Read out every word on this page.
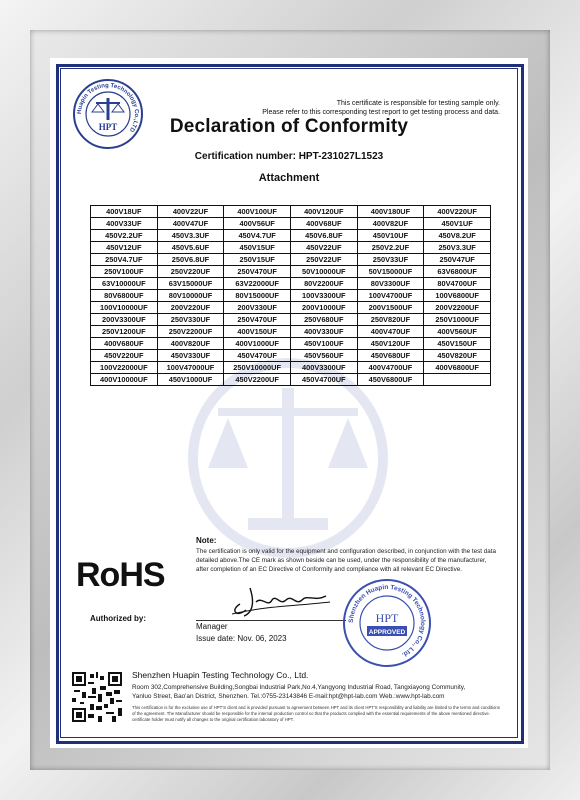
Huapin Testing Technology Co.,LTD
HPT
This certificate is responsible for testing sample only.
Please refer to this corresponding test report to get testing process and data.
Declaration of Conformity
Certification number: HPT-231027L1523
Attachment
400V18UF	400V22UF	400V100UF	400V120UF	400V180UF	400V220UF
400V33UF	400V47UF	400V56UF	400V68UF	400V82UF	450V1UF
450V2.2UF	450V3.3UF	450V4.7UF	450V6.8UF	450V10UF	450V8.2UF
450V12UF	450V5.6UF	450V15UF	450V22UF	250V2.2UF	250V3.3UF
250V4.7UF	250V6.8UF	250V15UF	250V22UF	250V33UF	250V47UF
250V100UF	250V220UF	250V470UF	50V10000UF	50V15000UF	63V6800UF
63V10000UF	63V15000UF	63V22000UF	80V2200UF	80V3300UF	80V4700UF
80V6800UF	80V10000UF	80V15000UF	100V3300UF	100V4700UF	100V6800UF
100V10000UF	200V220UF	200V330UF	200V1000UF	200V1500UF	200V2200UF
200V3300UF	250V330UF	250V470UF	250V680UF	250V820UF	250V1000UF
250V1200UF	250V2200UF	400V150UF	400V330UF	400V470UF	400V560UF
400V680UF	400V820UF	400V1000UF	450V100UF	450V120UF	450V150UF
450V220UF	450V330UF	450V470UF	450V560UF	450V680UF	450V820UF
100V22000UF	100V47000UF	250V10000UF	400V3300UF	400V4700UF	400V6800UF
400V10000UF	450V1000UF	450V2200UF	450V4700UF	450V6800UF	
RoHS
Note:
The certification is only valid for the equipment and configuration described, in conjunction with the test data detailed above.The CE mark as shown beside can be used, under the responsibility of the manufacturer, after completion of an EC Directive of Conformity and compliance with all relevant EC Directive.
Authorized by:
Manager
Issue date: Nov. 06, 2023
Shenzhen Huapin Testing Technology Co., Ltd.
HPT
APPROVED
Shenzhen Huapin Testing Technology Co., Ltd.
Room 302,Comprehensive Building,Songbai Industrial Park,No.4,Yangyong Industrial Road, Tangxiayong Community,
Yanluo Street, Bao'an District, Shenzhen. Tel.:0755-23143846 E-mail:hpt@hpt-lab.com Web.:www.hpt-lab.com
This certification is for the exclusive use of HPT'S client and is provided pursuant to agreement between HPT and its client HPT'S responsibility and liability are limited to the terms and conditions of the agreement. The Manufacturer should be responsible for the internal production control so that the products complied with the essential requirements of the above mentioned directive. certificate holder must notify all changes to the original certification laboratory of HPT.
